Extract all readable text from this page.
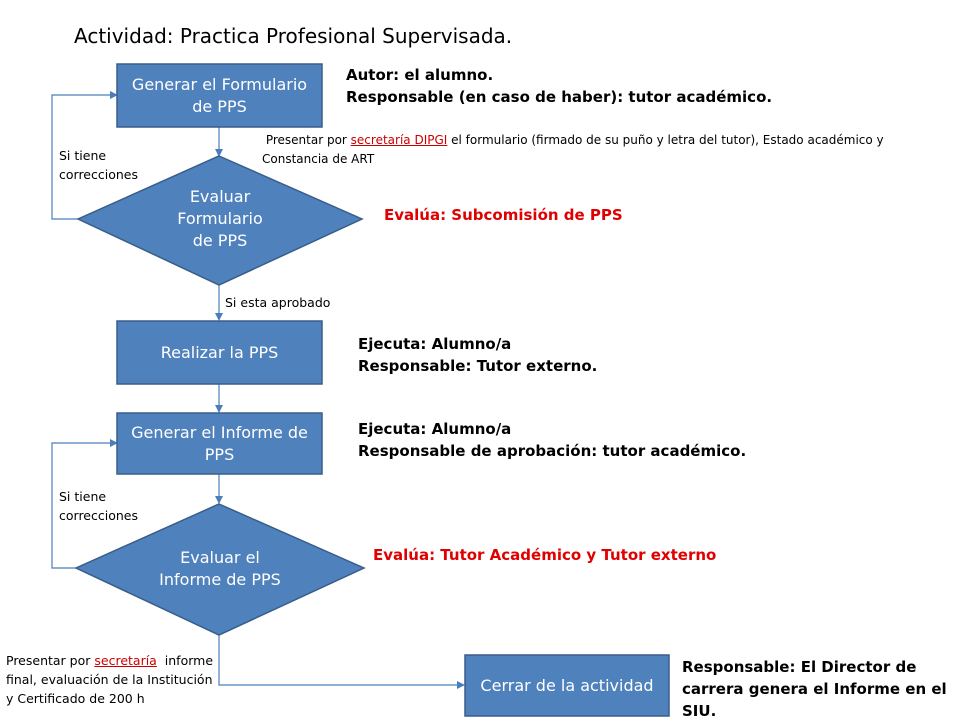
Actividad: Practica Profesional Supervisada.
Generar el Formulario de PPS
Evaluar Formulario de PPS
Realizar la PPS
Generar el Informe de PPS
Evaluar el Informe de PPS
Cerrar de la actividad
Autor: el alumno.
Responsable (en caso de haber): tutor académico.
Presentar por secretaría DIPGI el formulario (firmado de su puño y letra del tutor), Estado académico y
Constancia de ART
Si tiene
correcciones
Evalúa: Subcomisión de PPS
Si esta aprobado
Ejecuta: Alumno/a
Responsable: Tutor externo.
Ejecuta: Alumno/a
Responsable de aprobación: tutor académico.
Si tiene
correcciones
Evalúa: Tutor Académico y Tutor externo
Presentar por secretaría  informe
final, evaluación de la Institución
y Certificado de 200 h
Responsable: El Director de
carrera genera el Informe en el
SIU.
